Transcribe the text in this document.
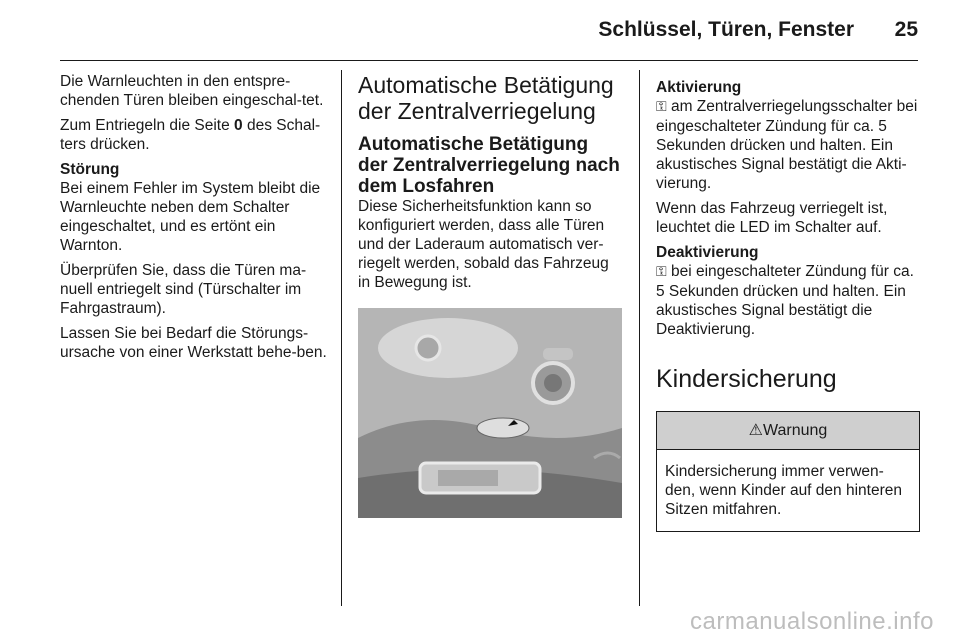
Schlüssel, Türen, Fenster 25

Die Warnleuchten in den entspre-chenden Türen bleiben eingeschal-tet.

Zum Entriegeln die Seite 0 des Schal-ters drücken.

Störung

Bei einem Fehler im System bleibt die Warnleuchte neben dem Schalter eingeschaltet, und es ertönt ein Warnton.

Überprüfen Sie, dass die Türen ma-nuell entriegelt sind (Türschalter im Fahrgastraum).

Lassen Sie bei Bedarf die Störungs-ursache von einer Werkstatt behe-ben.

Automatische Betätigung der Zentralverriegelung
Automatische Betätigung der Zentralverriegelung nach dem Losfahren

Diese Sicherheitsfunktion kann so konfiguriert werden, dass alle Türen und der Laderaum automatisch ver-riegelt werden, sobald das Fahrzeug in Bewegung ist.

Aktivierung

⚿ am Zentralverriegelungsschalter bei eingeschalteter Zündung für ca. 5 Sekunden drücken und halten. Ein akustisches Signal bestätigt die Akti-vierung.

Wenn das Fahrzeug verriegelt ist, leuchtet die LED im Schalter auf.

Deaktivierung

⚿ bei eingeschalteter Zündung für ca. 5 Sekunden drücken und halten. Ein akustisches Signal bestätigt die Deaktivierung.

Kindersicherung
⚠Warnung
Kindersicherung immer verwen-den, wenn Kinder auf den hinteren Sitzen mitfahren.
carmanualsonline.info
